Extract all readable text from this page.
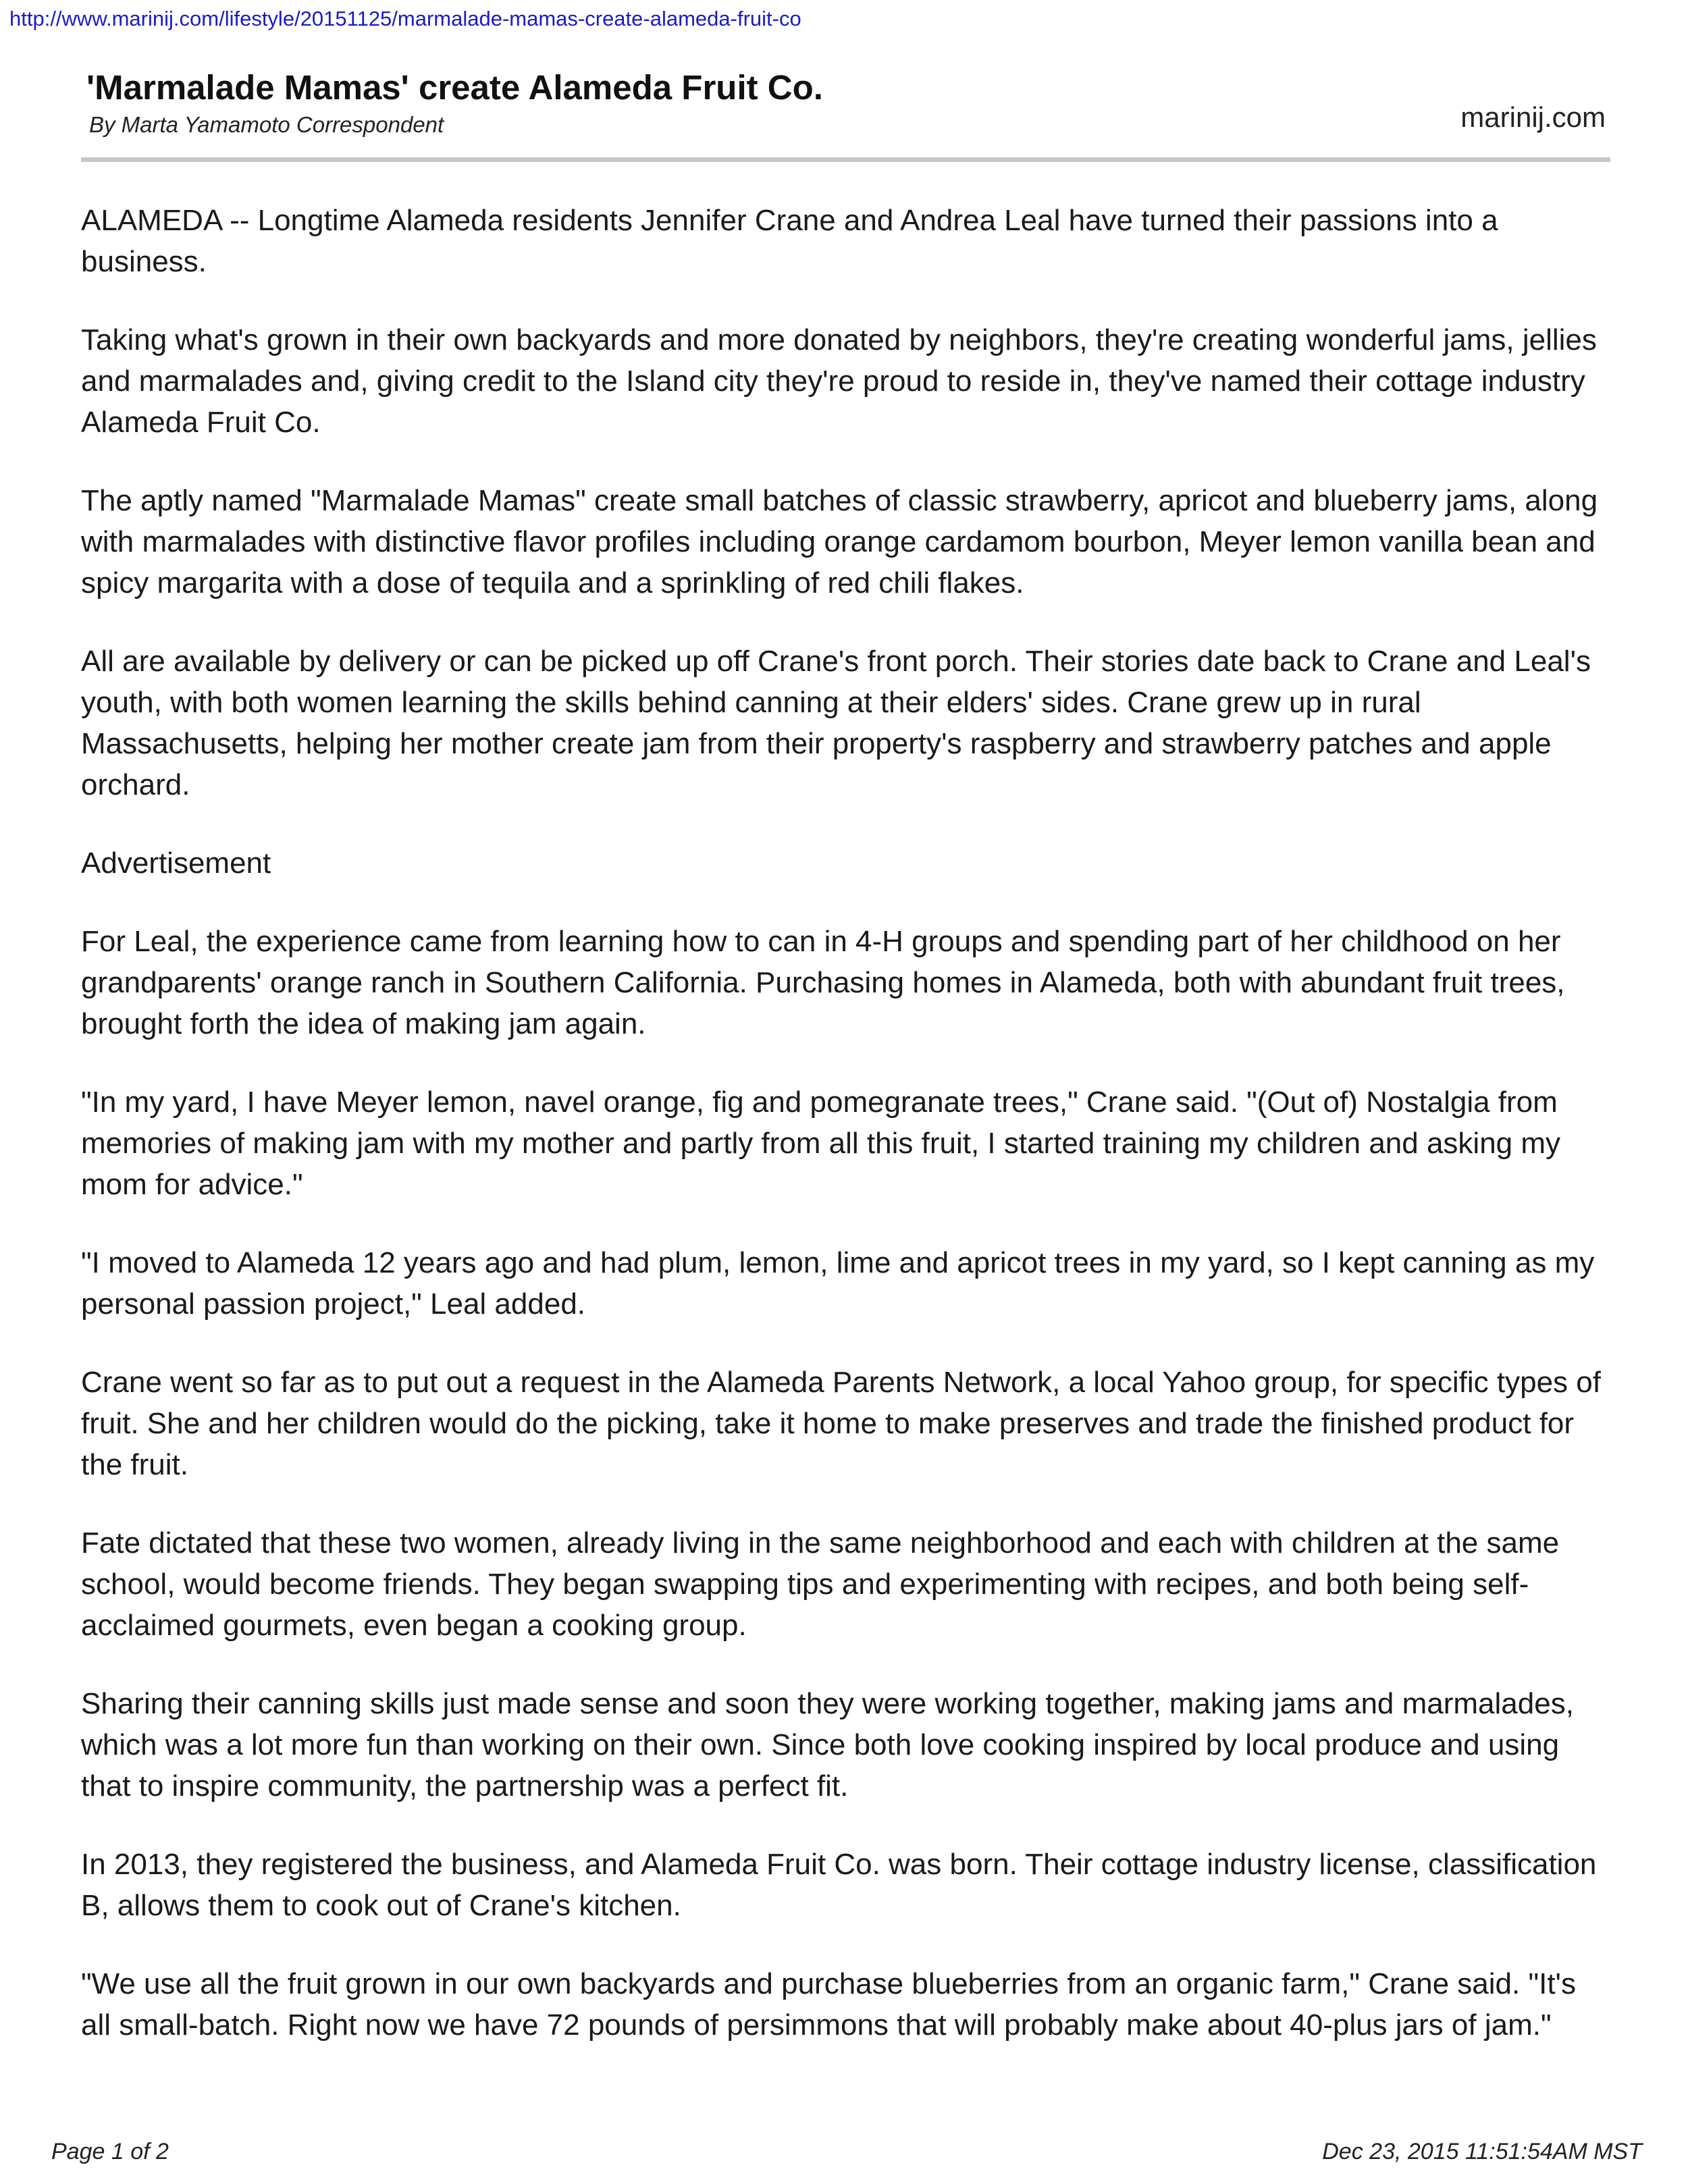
http://www.marinij.com/lifestyle/20151125/marmalade-mamas-create-alameda-fruit-co
'Marmalade Mamas' create Alameda Fruit Co.
By Marta Yamamoto Correspondent	marinij.com

ALAMEDA -- Longtime Alameda residents Jennifer Crane and Andrea Leal have turned their passions into a business.

Taking what's grown in their own backyards and more donated by neighbors, they're creating wonderful jams, jellies and marmalades and, giving credit to the Island city they're proud to reside in, they've named their cottage industry Alameda Fruit Co.

The aptly named "Marmalade Mamas" create small batches of classic strawberry, apricot and blueberry jams, along with marmalades with distinctive flavor profiles including orange cardamom bourbon, Meyer lemon vanilla bean and spicy margarita with a dose of tequila and a sprinkling of red chili flakes.

All are available by delivery or can be picked up off Crane's front porch. Their stories date back to Crane and Leal's youth, with both women learning the skills behind canning at their elders' sides. Crane grew up in rural Massachusetts, helping her mother create jam from their property's raspberry and strawberry patches and apple orchard.

Advertisement

For Leal, the experience came from learning how to can in 4-H groups and spending part of her childhood on her grandparents' orange ranch in Southern California. Purchasing homes in Alameda, both with abundant fruit trees, brought forth the idea of making jam again.

"In my yard, I have Meyer lemon, navel orange, fig and pomegranate trees," Crane said. "(Out of) Nostalgia from memories of making jam with my mother and partly from all this fruit, I started training my children and asking my mom for advice."

"I moved to Alameda 12 years ago and had plum, lemon, lime and apricot trees in my yard, so I kept canning as my personal passion project," Leal added.

Crane went so far as to put out a request in the Alameda Parents Network, a local Yahoo group, for specific types of fruit. She and her children would do the picking, take it home to make preserves and trade the finished product for the fruit.

Fate dictated that these two women, already living in the same neighborhood and each with children at the same school, would become friends. They began swapping tips and experimenting with recipes, and both being self-acclaimed gourmets, even began a cooking group.

Sharing their canning skills just made sense and soon they were working together, making jams and marmalades, which was a lot more fun than working on their own. Since both love cooking inspired by local produce and using that to inspire community, the partnership was a perfect fit.

In 2013, they registered the business, and Alameda Fruit Co. was born. Their cottage industry license, classification B, allows them to cook out of Crane's kitchen.

"We use all the fruit grown in our own backyards and purchase blueberries from an organic farm," Crane said. "It's all small-batch. Right now we have 72 pounds of persimmons that will probably make about 40-plus jars of jam."

Page 1 of 2	Dec 23, 2015 11:51:54AM MST
